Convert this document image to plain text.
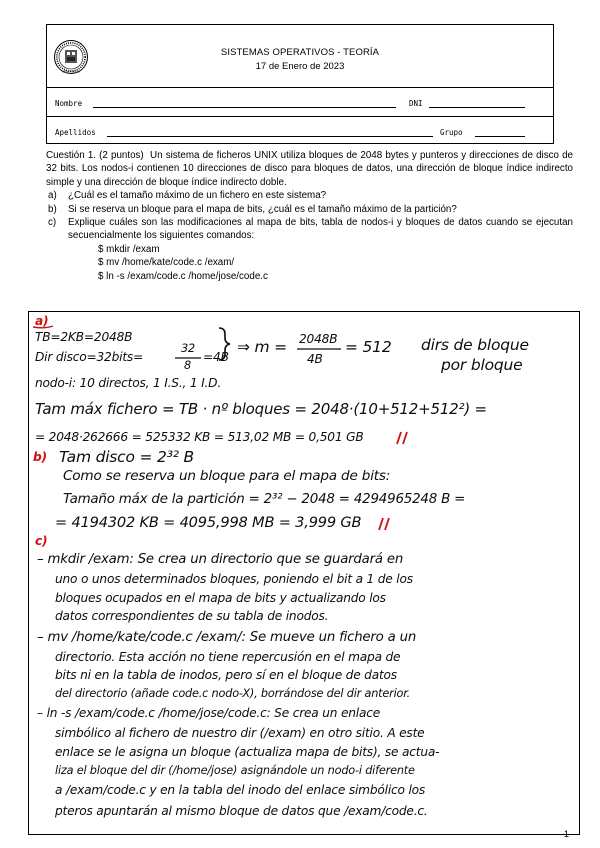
UNIVERSIDAD
SISTEMAS OPERATIVOS - TEORÍA
17 de Enero de 2023
Nombre	DNI
Apellidos	Grupo

Cuestión 1. (2 puntos) Un sistema de ficheros UNIX utiliza bloques de 2048 bytes y punteros y direcciones de disco de 32 bits. Los nodos-i contienen 10 direcciones de disco para bloques de datos, una dirección de bloque índice indirecto simple y una dirección de bloque índice indirecto doble.

a) ¿Cuál es el tamaño máximo de un fichero en este sistema?

b) Si se reserva un bloque para el mapa de bits, ¿cuál es el tamaño máximo de la partición?

c) Explique cuáles son las modificaciones al mapa de bits, tabla de nodos-i y bloques de datos cuando se ejecutan secuencialmente los siguientes comandos:

$ mkdir /exam
$ mv /home/kate/code.c /exam/
$ ln -s /exam/code.c /home/jose/code.c
a)
TB=2KB=2048B
Dir disco=32bits=
32
8
=4B
⇒ m = 2048B
4B
= 512 dirs de bloque
por bloque
nodo-i: 10 directos, 1 I.S., 1 I.D.
Tam máx fichero = TB · nº bloques = 2048·(10+512+512²) =
= 2048·262666 = 525332 KB = 513,02 MB = 0,501 GB
b) Tam disco = 2³² B
Como se reserva un bloque para el mapa de bits:
Tamaño máx de la partición = 2³² − 2048 = 4294965248 B =
= 4194302 KB = 4095,998 MB = 3,999 GB
c)
– mkdir /exam: Se crea un directorio que se guardará en
uno o unos determinados bloques, poniendo el bit a 1 de los
bloques ocupados en el mapa de bits y actualizando los
datos correspondientes de su tabla de inodos.
– mv /home/kate/code.c /exam/: Se mueve un fichero a un
directorio. Esta acción no tiene repercusión en el mapa de
bits ni en la tabla de inodos, pero sí en el bloque de datos
del directorio (añade code.c nodo-X), borrándose del dir anterior.
– ln -s /exam/code.c /home/jose/code.c: Se crea un enlace
simbólico al fichero de nuestro dir (/exam) en otro sitio. A este
enlace se le asigna un bloque (actualiza mapa de bits), se actua-
liza el bloque del dir (/home/jose) asignándole un nodo-i diferente
a /exam/code.c y en la tabla del inodo del enlace simbólico los
pteros apuntarán al mismo bloque de datos que /exam/code.c.
1
